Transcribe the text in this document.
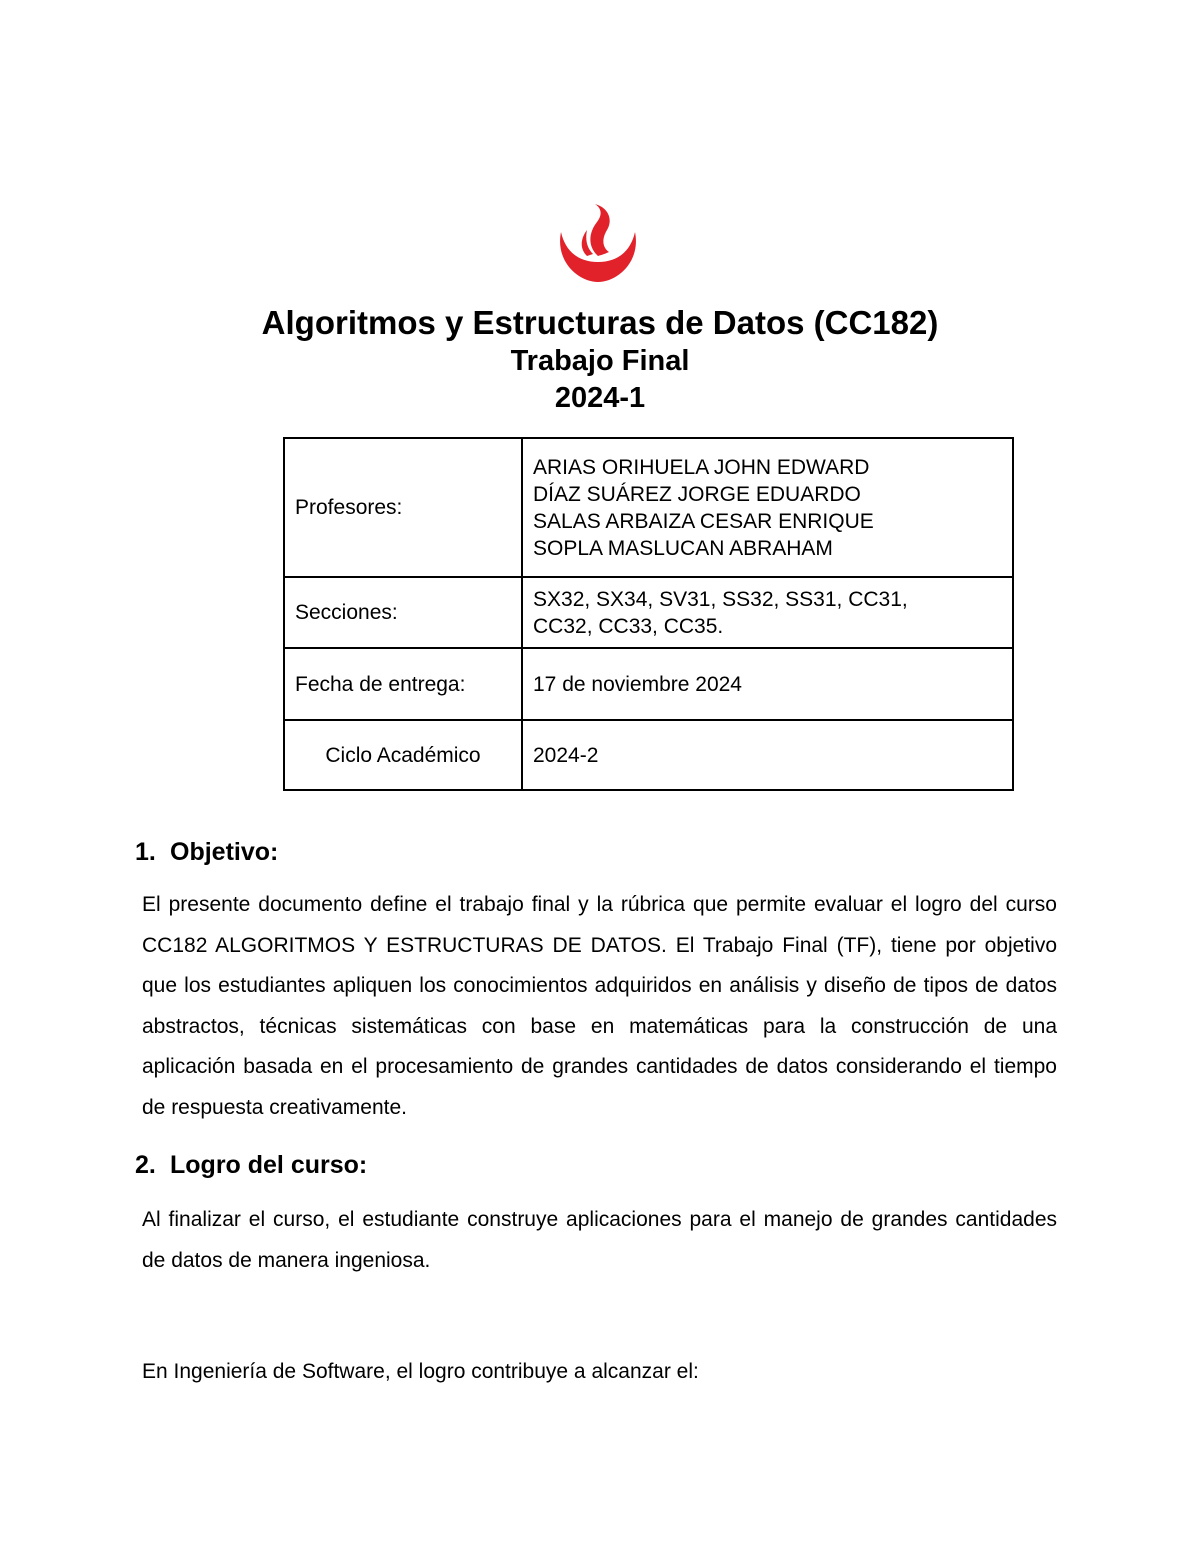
Algoritmos y Estructuras de Datos (CC182)
Trabajo Final
2024-1
Profesores:	ARIAS ORIHUELA JOHN EDWARD
DÍAZ SUÁREZ JORGE EDUARDO
SALAS ARBAIZA CESAR ENRIQUE
SOPLA MASLUCAN ABRAHAM

Secciones:	SX32, SX34, SV31, SS32, SS31, CC31,
CC32, CC33, CC35.

Fecha de entrega:	17 de noviembre 2024
Ciclo Académico	2024-2
1. Objetivo:
El presente documento define el trabajo final y la rúbrica que permite evaluar el logro del curso CC182 ALGORITMOS Y ESTRUCTURAS DE DATOS. El Trabajo Final (TF), tiene por objetivo que los estudiantes apliquen los conocimientos adquiridos en análisis y diseño de tipos de datos abstractos, técnicas sistemáticas con base en matemáticas para la construcción de una aplicación basada en el procesamiento de grandes cantidades de datos considerando el tiempo de respuesta creativamente.
2. Logro del curso:
Al finalizar el curso, el estudiante construye aplicaciones para el manejo de grandes cantidades de datos de manera ingeniosa.
En Ingeniería de Software, el logro contribuye a alcanzar el:
